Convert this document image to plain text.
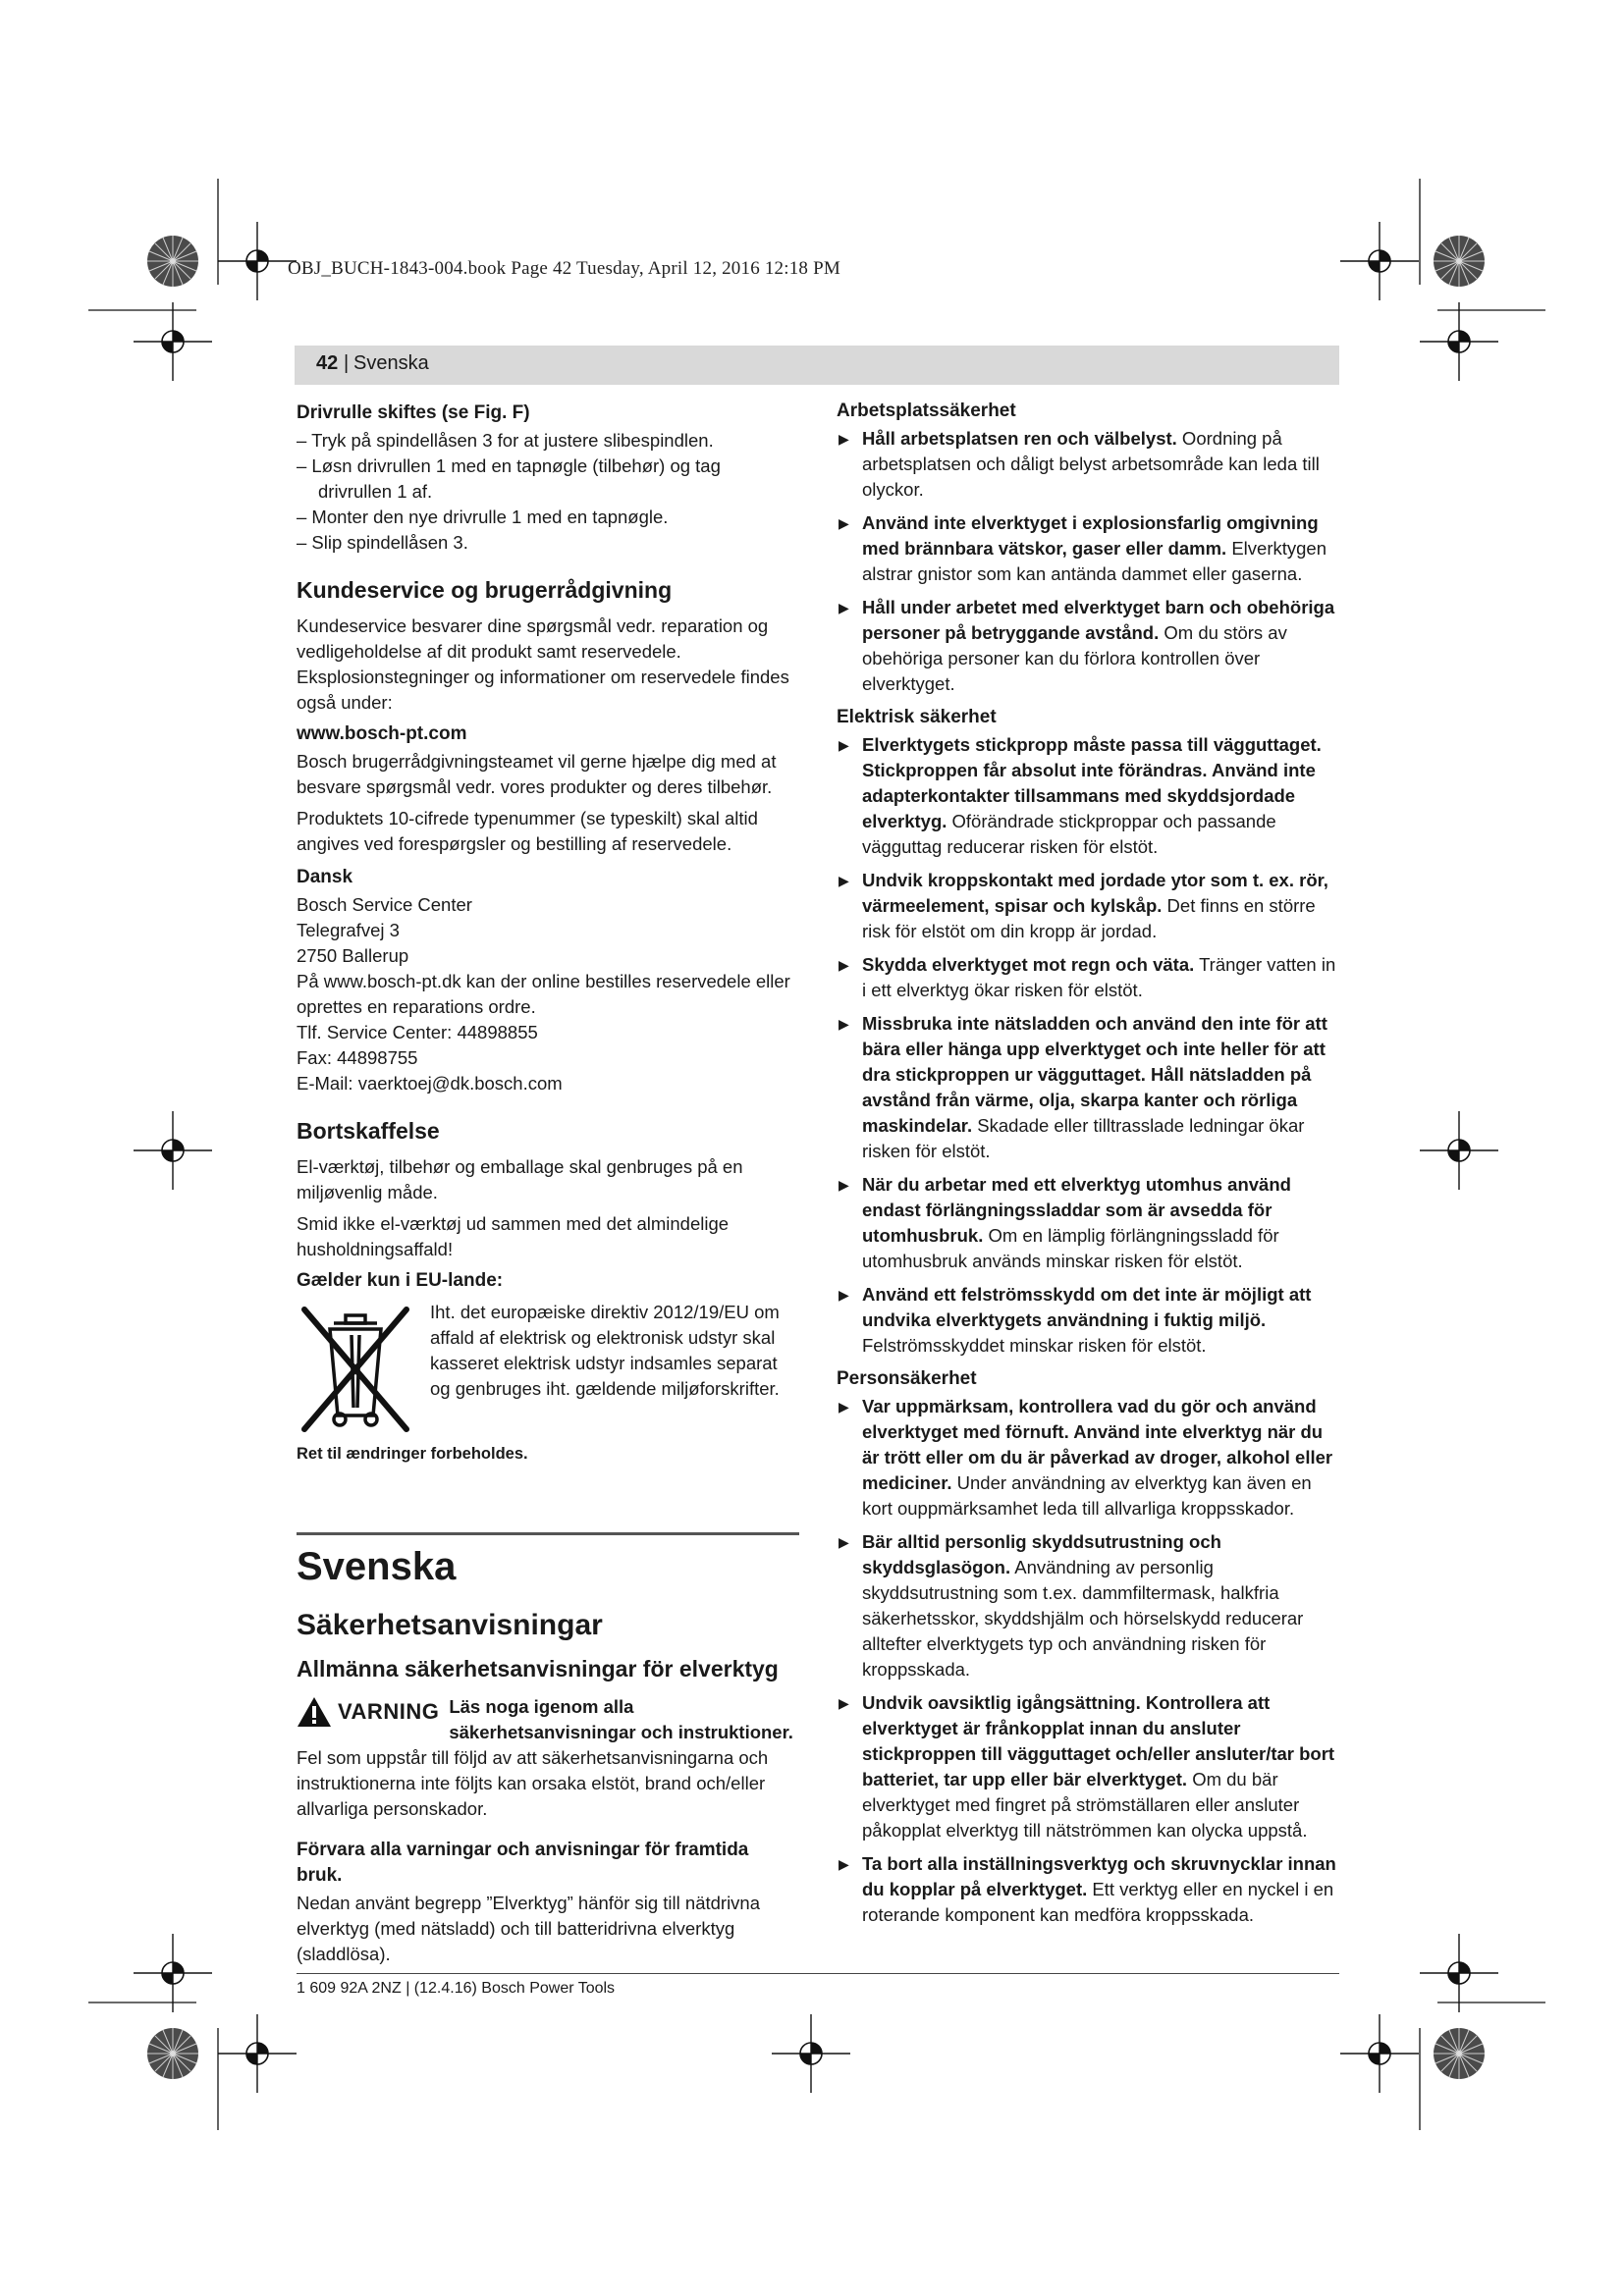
OBJ_BUCH-1843-004.book Page 42 Tuesday, April 12, 2016 12:18 PM
42 | Svenska
Drivrulle skiftes (se Fig. F)
– Tryk på spindellåsen 3 for at justere slibespindlen.
– Løsn drivrullen 1 med en tapnøgle (tilbehør) og tag drivrullen 1 af.
– Monter den nye drivrulle 1 med en tapnøgle.
– Slip spindellåsen 3.
Kundeservice og brugerrådgivning
Kundeservice besvarer dine spørgsmål vedr. reparation og vedligeholdelse af dit produkt samt reservedele. Eksplosionstegninger og informationer om reservedele findes også under:
www.bosch-pt.com
Bosch brugerrådgivningsteamet vil gerne hjælpe dig med at besvare spørgsmål vedr. vores produkter og deres tilbehør.
Produktets 10-cifrede typenummer (se typeskilt) skal altid angives ved forespørgsler og bestilling af reservedele.
Dansk
Bosch Service Center
Telegrafvej 3
2750 Ballerup
På www.bosch-pt.dk kan der online bestilles reservedele eller oprettes en reparations ordre.
Tlf. Service Center: 44898855
Fax: 44898755
E-Mail: vaerktoej@dk.bosch.com
Bortskaffelse
El-værktøj, tilbehør og emballage skal genbruges på en miljøvenlig måde.
Smid ikke el-værktøj ud sammen med det almindelige husholdningsaffald!
Gælder kun i EU-lande:
Iht. det europæiske direktiv 2012/19/EU om affald af elektrisk og elektronisk udstyr skal kasseret elektrisk udstyr indsamles separat og genbruges iht. gældende miljøforskrifter.
Ret til ændringer forbeholdes.
Svenska
Säkerhetsanvisningar
Allmänna säkerhetsanvisningar för elverktyg
VARNING Läs noga igenom alla säkerhetsanvisningar och instruktioner. Fel som uppstår till följd av att säkerhetsanvisningarna och instruktionerna inte följts kan orsaka elstöt, brand och/eller allvarliga personskador.
Förvara alla varningar och anvisningar för framtida bruk.
Nedan använt begrepp ”Elverktyg” hänför sig till nätdrivna elverktyg (med nätsladd) och till batteridrivna elverktyg (sladdlösa).
Arbetsplatssäkerhet
▶ Håll arbetsplatsen ren och välbelyst. Oordning på arbetsplatsen och dåligt belyst arbetsområde kan leda till olyckor.
▶ Använd inte elverktyget i explosionsfarlig omgivning med brännbara vätskor, gaser eller damm. Elverktygen alstrar gnistor som kan antända dammet eller gaserna.
▶ Håll under arbetet med elverktyget barn och obehöriga personer på betryggande avstånd. Om du störs av obehöriga personer kan du förlora kontrollen över elverktyget.
Elektrisk säkerhet
▶ Elverktygets stickpropp måste passa till vägguttaget. Stickproppen får absolut inte förändras. Använd inte adapterkontakter tillsammans med skyddsjordade elverktyg. Oförändrade stickproppar och passande vägguttag reducerar risken för elstöt.
▶ Undvik kroppskontakt med jordade ytor som t. ex. rör, värmeelement, spisar och kylskåp. Det finns en större risk för elstöt om din kropp är jordad.
▶ Skydda elverktyget mot regn och väta. Tränger vatten in i ett elverktyg ökar risken för elstöt.
▶ Missbruka inte nätsladden och använd den inte för att bära eller hänga upp elverktyget och inte heller för att dra stickproppen ur vägguttaget. Håll nätsladden på avstånd från värme, olja, skarpa kanter och rörliga maskindelar. Skadade eller tilltrasslade ledningar ökar risken för elstöt.
▶ När du arbetar med ett elverktyg utomhus använd endast förlängningssladdar som är avsedda för utomhusbruk. Om en lämplig förlängningssladd för utomhusbruk används minskar risken för elstöt.
▶ Använd ett felströmsskydd om det inte är möjligt att undvika elverktygets användning i fuktig miljö. Felströmsskyddet minskar risken för elstöt.
Personsäkerhet
▶ Var uppmärksam, kontrollera vad du gör och använd elverktyget med förnuft. Använd inte elverktyg när du är trött eller om du är påverkad av droger, alkohol eller mediciner. Under användning av elverktyg kan även en kort ouppmärksamhet leda till allvarliga kroppsskador.
▶ Bär alltid personlig skyddsutrustning och skyddsglasögon. Användning av personlig skyddsutrustning som t.ex. dammfiltermask, halkfria säkerhetsskor, skyddshjälm och hörselskydd reducerar alltefter elverktygets typ och användning risken för kroppsskada.
▶ Undvik oavsiktlig igångsättning. Kontrollera att elverktyget är frånkopplat innan du ansluter stickproppen till vägguttaget och/eller ansluter/tar bort batteriet, tar upp eller bär elverktyget. Om du bär elverktyget med fingret på strömställaren eller ansluter påkopplat elverktyg till nätströmmen kan olycka uppstå.
▶ Ta bort alla inställningsverktyg och skruvnycklar innan du kopplar på elverktyget. Ett verktyg eller en nyckel i en roterande komponent kan medföra kroppsskada.
1 609 92A 2NZ | (12.4.16) Bosch Power Tools
